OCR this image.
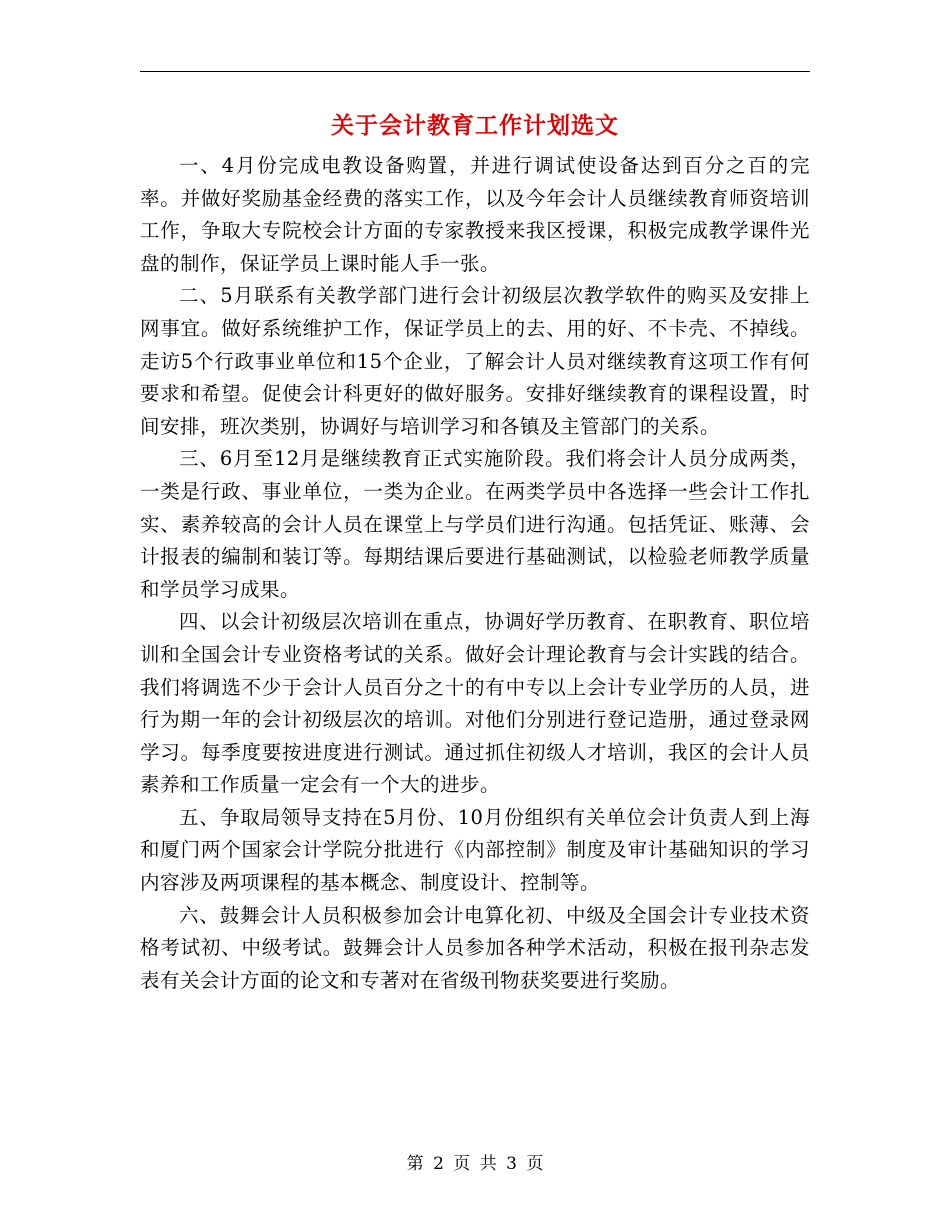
关于会计教育工作计划选文

一、4月份完成电教设备购置，并进行调试使设备达到百分之百的完率。并做好奖励基金经费的落实工作，以及今年会计人员继续教育师资培训工作，争取大专院校会计方面的专家教授来我区授课，积极完成教学课件光盘的制作，保证学员上课时能人手一张。

二、5月联系有关教学部门进行会计初级层次教学软件的购买及安排上网事宜。做好系统维护工作，保证学员上的去、用的好、不卡壳、不掉线。走访5个行政事业单位和15个企业，了解会计人员对继续教育这项工作有何要求和希望。促使会计科更好的做好服务。安排好继续教育的课程设置，时间安排，班次类别，协调好与培训学习和各镇及主管部门的关系。

三、6月至12月是继续教育正式实施阶段。我们将会计人员分成两类，一类是行政、事业单位，一类为企业。在两类学员中各选择一些会计工作扎实、素养较高的会计人员在课堂上与学员们进行沟通。包括凭证、账薄、会计报表的编制和装订等。每期结课后要进行基础测试，以检验老师教学质量和学员学习成果。

四、以会计初级层次培训在重点，协调好学历教育、在职教育、职位培训和全国会计专业资格考试的关系。做好会计理论教育与会计实践的结合。我们将调选不少于会计人员百分之十的有中专以上会计专业学历的人员，进行为期一年的会计初级层次的培训。对他们分别进行登记造册，通过登录网学习。每季度要按进度进行测试。通过抓住初级人才培训，我区的会计人员素养和工作质量一定会有一个大的进步。

五、争取局领导支持在5月份、10月份组织有关单位会计负责人到上海和厦门两个国家会计学院分批进行《内部控制》制度及审计基础知识的学习内容涉及两项课程的基本概念、制度设计、控制等。

六、鼓舞会计人员积极参加会计电算化初、中级及全国会计专业技术资格考试初、中级考试。鼓舞会计人员参加各种学术活动，积极在报刊杂志发表有关会计方面的论文和专著对在省级刊物获奖要进行奖励。

第 2 页 共 3 页
